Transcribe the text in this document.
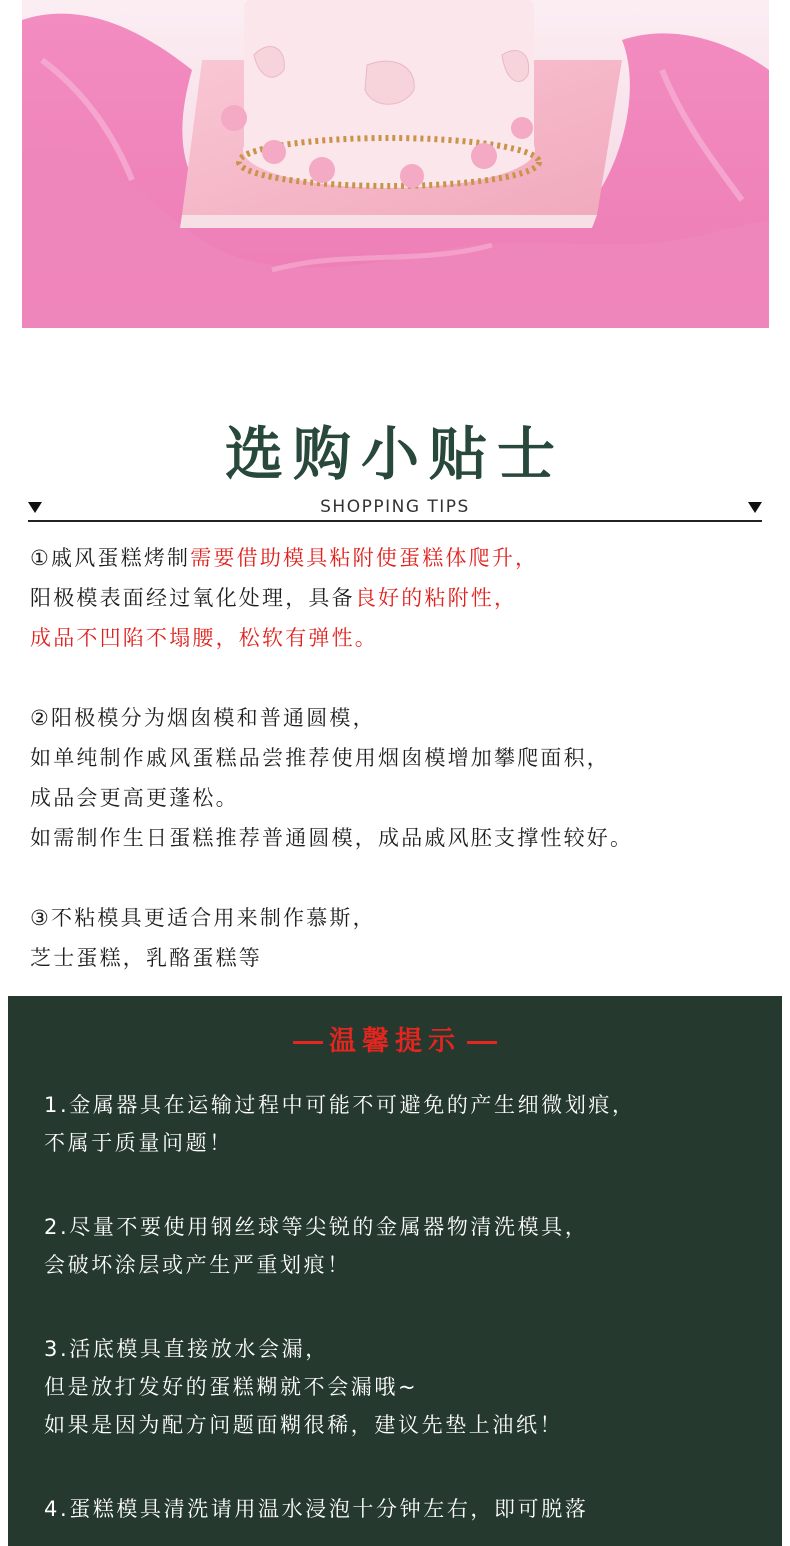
选购小贴士
SHOPPING TIPS
①戚风蛋糕烤制需要借助模具粘附使蛋糕体爬升，
阳极模表面经过氧化处理，具备良好的粘附性，
成品不凹陷不塌腰，松软有弹性。
②阳极模分为烟囱模和普通圆模，
如单纯制作戚风蛋糕品尝推荐使用烟囱模增加攀爬面积，
成品会更高更蓬松。
如需制作生日蛋糕推荐普通圆模，成品戚风胚支撑性较好。
③不粘模具更适合用来制作慕斯，
芝士蛋糕，乳酪蛋糕等
温馨提示
1.金属器具在运输过程中可能不可避免的产生细微划痕，
不属于质量问题！
2.尽量不要使用钢丝球等尖锐的金属器物清洗模具，
会破坏涂层或产生严重划痕！
3.活底模具直接放水会漏，
但是放打发好的蛋糕糊就不会漏哦~
如果是因为配方问题面糊很稀，建议先垫上油纸！
4.蛋糕模具清洗请用温水浸泡十分钟左右，即可脱落
